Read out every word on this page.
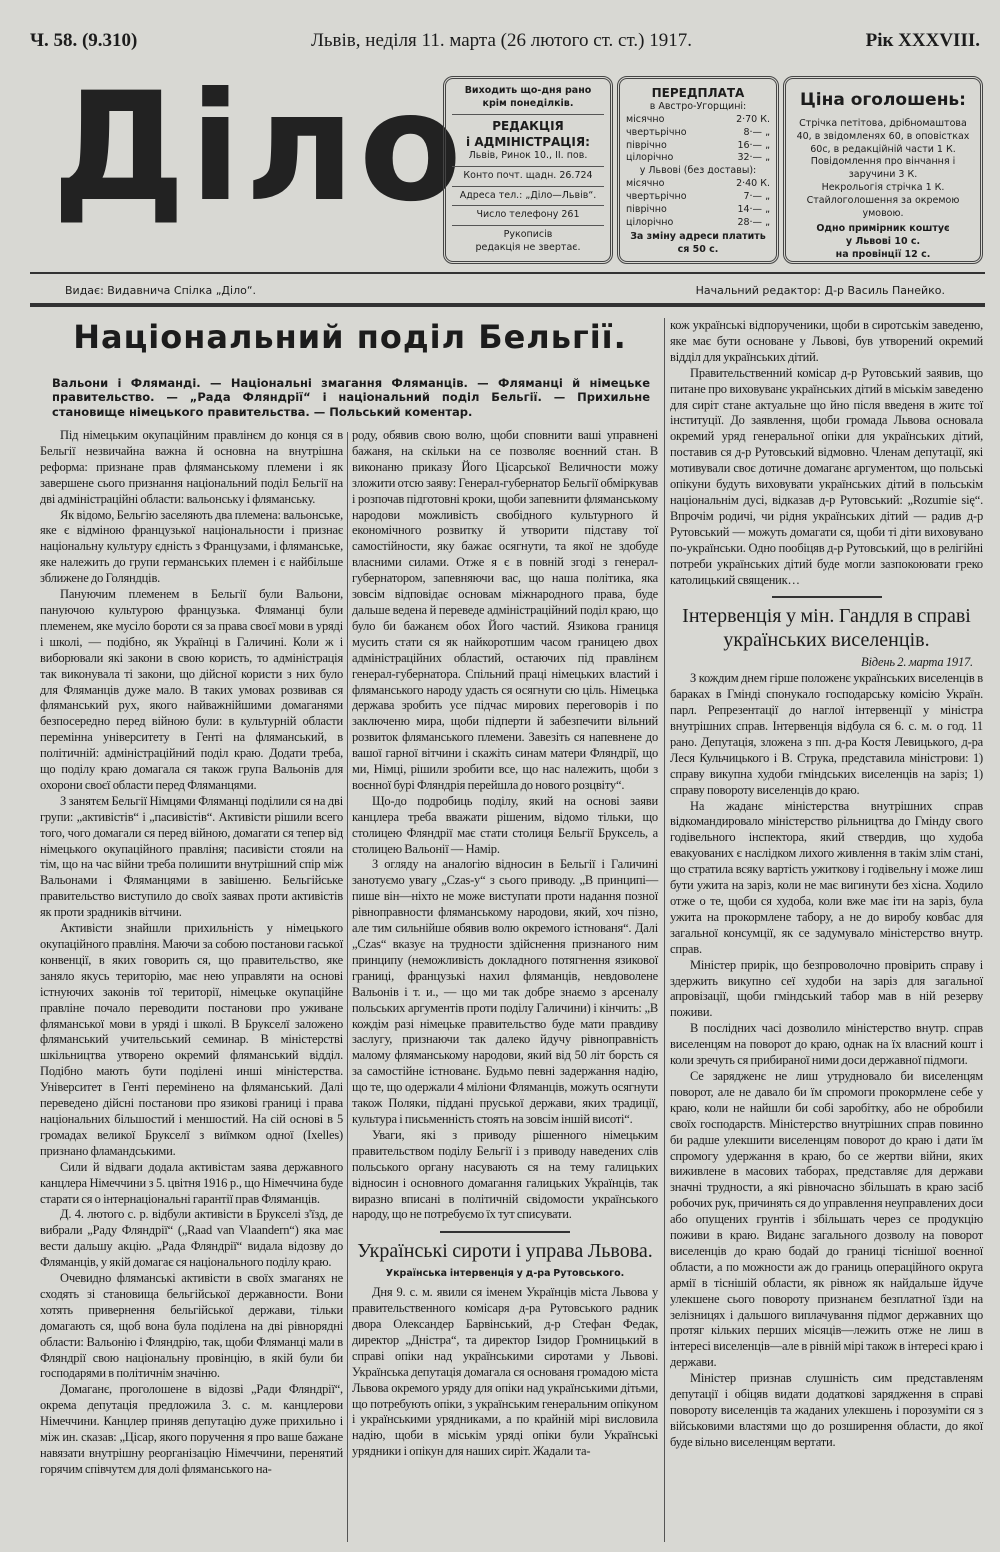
Ч. 58. (9.310)	Львів, неділя 11. марта (26 лютого ст. ст.) 1917.	Рік XXXVIII.
Діло
Виходить що-дня рано
крім понеділків.
РЕДАКЦІЯ
і АДМІНІСТРАЦІЯ:
Львів, Ринок 10., II. пов.
Конто почт. щадн. 26.724
Адреса тел.: „Діло—Львів“.
Число телефону 261
Рукописів
редакція не звертає.
ПЕРЕДПЛАТА
в Австро-Угорщині:
місячно	2·70 К.
чвертьрічно	8·— „
піврічно	16·— „
цілорічно	32·— „
у Львові (без доставы):
місячно	2·40 К.
чвертьрічно	7·— „
піврічно	14·— „
цілорічно	28·— „
За зміну адреси платить ся 50 с.
Ціна оголошень:
Стрічка петітова, дрібномаштова 40, в звідомленях 60, в оповістках 60с, в редакційній части 1 К. Повідомлення про вінчання і заручини 3 К.
Некрольогія стрічка 1 К.
Стайлоголошення за окремою умовою.
Одно примірник коштує
у Львові 10 с.
на провінції 12 с.
Видає: Видавнича Спілка „Діло“.	Начальний редактор: Д-р Василь Панейко.
Національний поділ Бельгії.
Вальони і Фляманді. — Національні змагання Фляманців. — Фляманці й німецьке правительство. — „Рада Фляндрії“ і національний поділ Бельгії. — Прихильне становище німецького правительства. — Польський коментар.

Під німецьким окупаційним правлінєм до конця ся в Бельгії незвичайна важна й основна на внутрішна реформа: признане прав фляманському племени і як завершене сього признання національний поділ Бельгії на дві адміністраційні области: вальонську і фляманську.

Як відомо, Бельгію заселяють два племена: вальонське, яке є відміною французької національности і признає національну культуру єдність з Французами, і фляманське, яке належить до групи германських племен і є найбільше зближене до Голяндців.

Пануючим племенем в Бельгії були Вальони, пануючою культурою французька. Фляманці були племенем, яке мусіло бороти ся за права своєї мови в уряді і школі, — подібно, як Українці в Галичині. Коли ж і виборювали які закони в свою користь, то адміністрація так виконувала ті закони, що дійсної користи з них було для Фляманців дуже мало. В таких умовах розвивав ся фляманський рух, якого найважнійшими домаганями безпосередно перед війною були: в культурній области перемінна університету в Генті на фляманський, в політичній: адміністраційний поділ краю. Додати треба, що поділу краю домагала ся також група Вальонів для охорони своєї области перед Фляманцями.

З занятєм Бельгії Німцями Фляманці поділили ся на дві групи: „активістів“ і „пасивістів“. Активісти рішили всего того, чого домагали ся перед війною, домагати ся тепер від німецького окупаційного правліня; пасивісти стояли на тім, що на час війни треба полишити внутрішний спір між Вальонами і Фляманцями в завішеню. Бельгійське правительство виступило до своїх заявах проти активістів як проти зрадників вітчини.

Активісти знайшли прихильність у німецького окупаційного правліня. Маючи за собою постанови гаської конвенції, в яких говорить ся, що правительство, яке заняло якусь територію, має нею управляти на основі істнуючих законів тої території, німецьке окупаційне правліне почало переводити постанови про уживане фляманської мови в уряді і школі. В Брукселї заложено фляманський учительський семинар. В міністерстві шкільництва утворено окремий фляманський відділ. Подібно мають бути поділені инші міністерства. Університет в Генті перемінено на фляманський. Далі переведено дійсні постанови про язикові границі і права національних більшостий і меншостий. На сій основі в 5 громадах великої Брукселї з виїмком одної (Ixelles) признано фламандськими.

Сили й відваги додала активістам заява державного канцлера Німеччини з 5. цвітня 1916 р., що Німеччина буде старати ся о інтернаціональні гарантії прав Фляманців.

Д. 4. лютого с. р. відбули активісти в Брукселі з'їзд, де вибрали „Раду Фляндрії“ („Raad van Vlaandern“) яка має вести дальшу акцію. „Рада Фляндрії“ видала відозву до Фляманців, у якій домагає ся національного поділу краю.

Очевидно фляманські активісти в своїх змаганях не сходять зі становища бельгійської державности. Вони хотять привернення бельгійської держави, тільки домагають ся, щоб вона була поділена на дві рівнорядні области: Вальонію і Фляндрію, так, щоби Фляманці мали в Фляндрії свою національну провінцію, в якій були би господарями в політичнім значіню.

Домаганє, проголошене в відозві „Ради Фляндрії“, окрема депутація предложила 3. с. м. канцлерови Німеччини. Канцлер приняв депутацію дуже прихильно і між ин. сказав: „Цісар, якого поручення я про ваше бажане навязати внутрішну реорганізацію Німеччини, перенятий горячим співчутєм для долі фляманського на-

роду, обявив свою волю, щоби сповнити ваші управнені бажаня, на скільки на се позволяє воєнний стан. В виконаню приказу Його Цісарської Величности можу зложити отсю заяву: Генерал-губернатор Бельгії обміркував і розпочав підготовні кроки, щоби запевнити фляманському народови можливість свобідного культурного й економічного розвитку й утворити підставу тої самостійности, яку бажає осягнути, та якої не здобуде власними силами. Отже я є в повній згоді з генерал-губернатором, запевняючи вас, що наша політика, яка зовсім відповідає основам міжнародного права, буде дальше ведена й переведе адміністраційний поділ краю, що було би бажанєм обох Його частий. Язикова границя мусить стати ся як найкоротшим часом границею двох адміністраційних областий, остаючих під правлінєм генерал-губернатора. Спільний праці німецьких властий і фляманського народу удасть ся осягнути сю ціль. Німецька держава зробить усе підчас мирових переговорів і по заключеню мира, щоби підперти й забезпечити вільний розвиток фляманського племени. Завезіть ся напевнене до вашої гарної вітчини і скажіть синам матери Фляндрії, що ми, Німці, рішили зробити все, що нас належить, щоби з воєнної бурі Фляндрія перейшла до нового розцвіту“.

Що-до подробиць поділу, який на основі заяви канцлера треба вважати рішеним, відомо тільки, що столицею Фляндрії має стати столиця Бельгії Бруксель, а столицею Вальонії — Намір.

З огляду на аналогію відносин в Бельгії і Галичині занотуємо увагу „Czas-у“ з сього приводу. „В принципі—пише він—ніхто не може виступати проти надання позної рівноправности фляманському народови, який, хоч пізно, але тим сильнійше обявив волю окремого істнованя“. Далі „Czas“ вказує на трудности здійснення признаного ним принципу (неможливість докладного потягнення язикової границі, французькі нахил фляманців, невдоволене Вальонів і т. и., — що ми так добре знаємо з арсеналу польських аргументів проти поділу Галичини) і кінчить: „В кождім разі німецьке правительство буде мати правдиву заслугу, признаючи так далеко йдучу рівноправність малому фляманському народови, який від 50 літ борсть ся за самостійне істнованє. Будьмо певні задержання надію, що те, що одержали 4 міліони Фляманців, можуть осягнути також Поляки, піддані пруської держави, яких традиції, культура і письменність стоять на зовсім іншій висоті“.

Уваги, які з приводу рішенного німецьким правительством поділу Бельгії і з приводу наведених слів польського органу насувають ся на тему галицьких відносин і основного домагання галицьких Українців, так виразно вписані в політичній свідомости українського народу, що не потребуємо їх тут списувати.

Українські сироти і управа Львова.
Українська інтервенція у д-ра Рутовського.

Дня 9. с. м. явили ся іменем Українців міста Львова у правительственного комісаря д-ра Рутовського радник двора Олександер Барвінський, д-р Стефан Федак, директор „Дністра“, та директор Ізидор Громницький в справі опіки над українськими сиротами у Львові. Українська депутація домагала ся основаня громадою міста Львова окремого уряду для опіки над українськими дітьми, що потребують опіки, з українським генеральним опікуном і українськими урядниками, а по крайній мірі висловила надію, щоби в міськім уряді опіки були Українські урядники і опікун для наших сиріт. Жадали та-

кож українські відпорученики, щоби в сиротськім заведеню, яке має бути основане у Львові, був утворений окремий відділ для українських дітий.

Правительственний комісар д-р Рутовський заявив, що питане про виховуванє українських дітий в міськім заведеню для сиріт стане актуальне що йно після введеня в житє тої інституції. До заявлення, щоби громада Львова основала окремий уряд генеральної опіки для українських дітий, поставив ся д-р Рутовський відмовно. Членам депутації, які мотивували своє дотичне домаганє аргументом, що польські опікуни будуть виховувати українських дітий в польськім національнім дусі, відказав д-р Рутовський: „Rozumie się“. Впрочім родичі, чи рідня українських дітий — радив д-р Рутовський — можуть домагати ся, щоби ті діти виховувано по-українськи. Одно пообіцяв д-р Рутовський, що в релігійні потреби українських дітий буде могли зазпокоювати греко католицький священик…

Інтервенція у мін. Гандля в справі українських виселенців.
Відень 2. марта 1917.

З кождим днем гірше положенє українських виселенців в бараках в Гмінді спонукало господарську комісію Україн. парл. Репрезентації до наглої інтервенції у міністра внутрішних справ. Інтервенція відбула ся 6. с. м. о год. 11 рано. Депутація, зложена з пп. д-ра Костя Левицького, д-ра Леся Кульчицького і В. Стрyка, представила міністрови: 1) справу викупна худоби гміндських виселенців на заріз; 1) справу повороту виселенців до краю.

На жаданє міністерства внутрішних справ відкомандировало міністерство рільництва до Гмінду свого годівельного інспектора, який ствердив, що худоба евакуованих є наслідком лихого живлення в такім злім стані, що стратила всяку вартість ужиткову і годівельну і може лиш бути ужита на заріз, коли не має вигинути без хісна. Ходило отже о те, щоби ся худоба, коли вже має іти на заріз, була ужита на прокормлене табору, а не до виробу ковбас для загальної консумції, як се задумувало міністерство внутр. справ.

Міністер прирік, що безпроволочно провірить справу і здержить викупно сеї худоби на заріз для загальної апровізації, щоби гміндський табор мав в ній резерву поживи.

В послідних часі дозволило міністерство внутр. справ виселенцям на поворот до краю, однак на їх власний кошт і коли зречуть ся прибираної ними доси державної підмоги.

Се зарядженє не лиш утрудновало би виселенцям поворот, але не давало би їм спромоги прокормлене себе у краю, коли не найшли би собі заробітку, або не обробили своїх господарств. Міністерство внутрішних справ повинно би радше улекшити виселенцям поворот до краю і дати їм спромогу удержання в краю, бо се жертви війни, яких виживлене в масових таборах, представляє для держави значні трудности, а які рівночасно збільшать в краю засіб робочих рук, причинять ся до управлення неуправлених доси або опущених грунтів і збільшать через се продукцію поживи в краю. Виданє загального дозволу на поворот виселенців до краю бодай до границі тіснішої воєнної области, а по можности аж до границь оперaційного округа армії в тіснішій области, як рівнож як найдальше йдуче улекшене сього повороту признанєм безплатної їзди на зелізницях і дальшого виплачування підмог державних що протяг кільких перших місяців—лежить отже не лиш в інтересі виселенців—але в рівній мірі також в інтересі краю і держави.

Міністер признав слушність сим представленям депутації і обіцяв видати додаткові зарядження в справі повороту виселенців та жаданих улекшень і порозуміти ся з військовими властями що до розширення области, до якої буде вільно виселенцям вертати.
